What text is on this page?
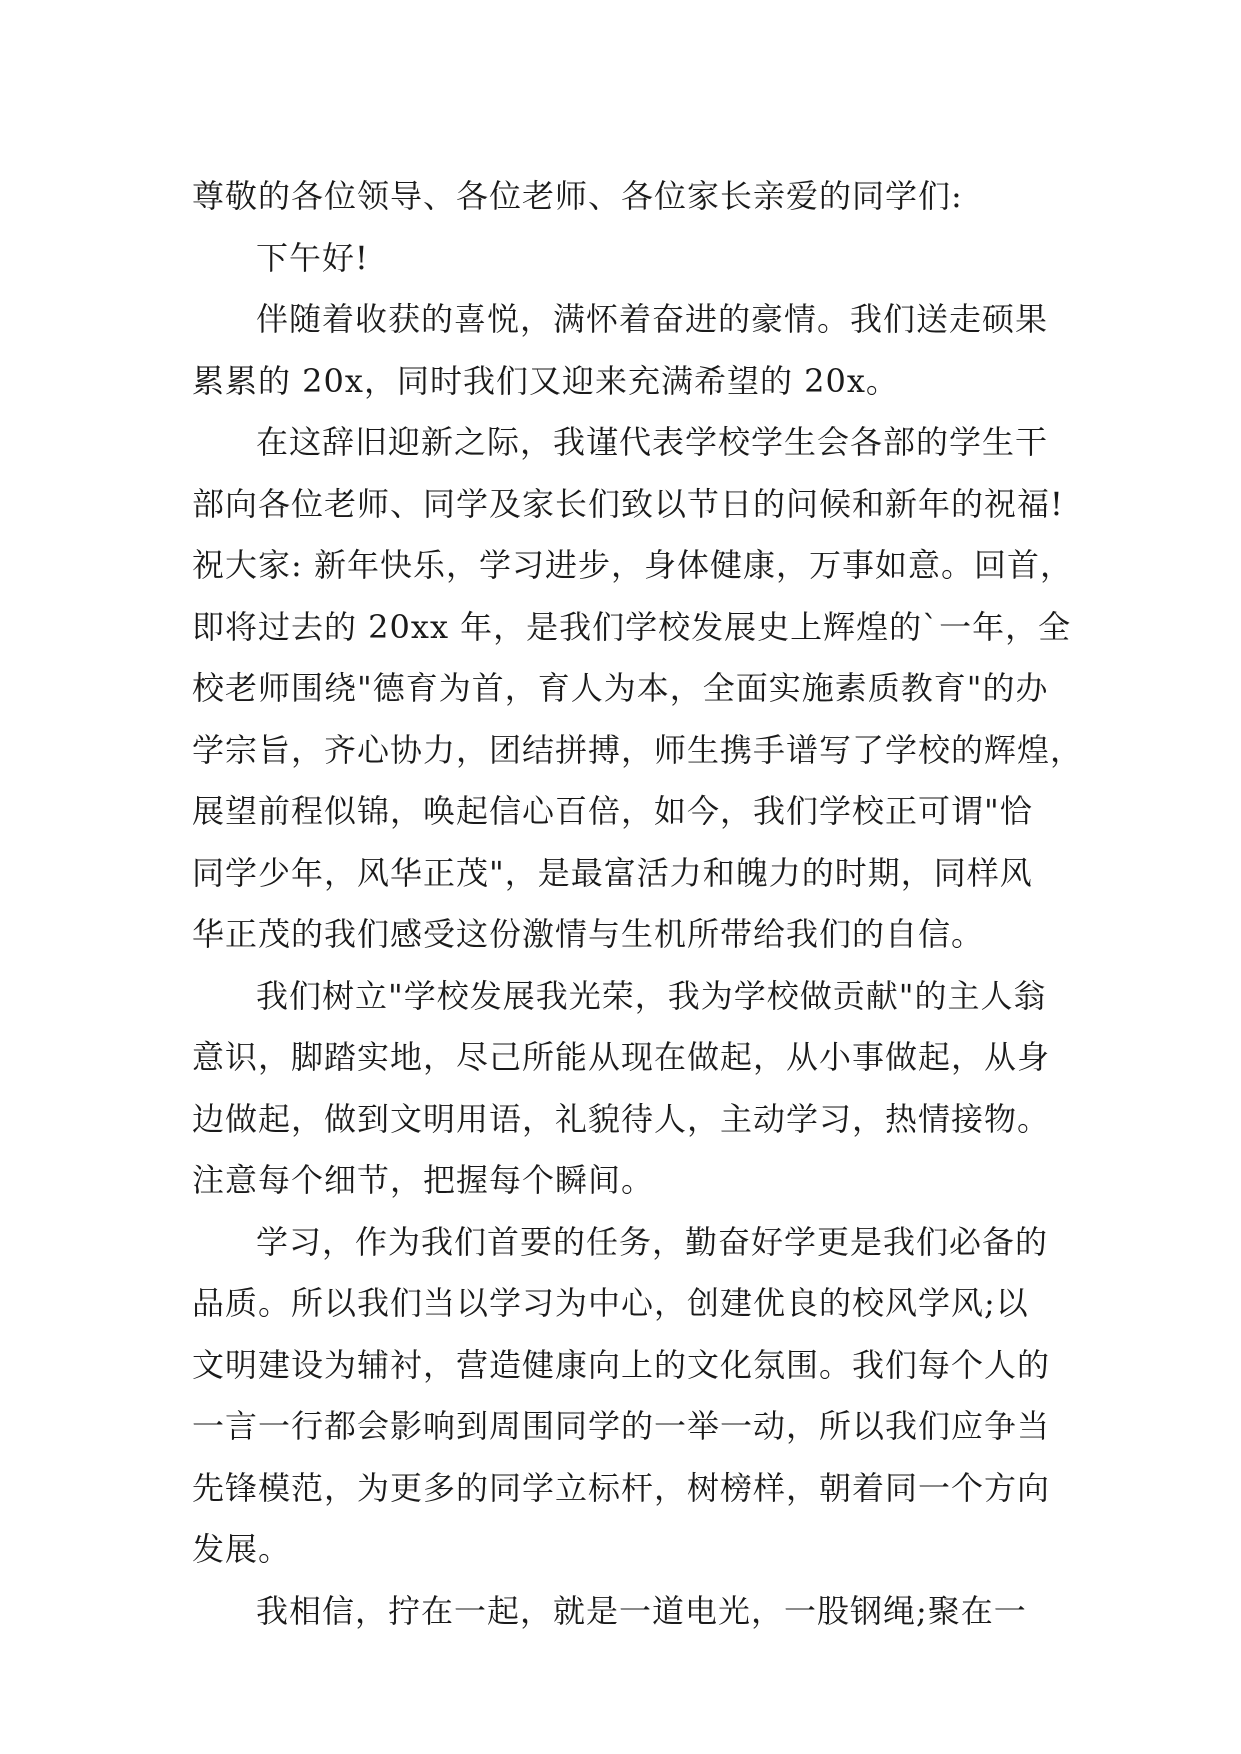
尊敬的各位领导、各位老师、各位家长亲爱的同学们:
下午好!
伴随着收获的喜悦，满怀着奋进的豪情。我们送走硕果
累累的 20x，同时我们又迎来充满希望的 20x。
在这辞旧迎新之际，我谨代表学校学生会各部的学生干
部向各位老师、同学及家长们致以节日的问候和新年的祝福!
祝大家: 新年快乐，学习进步，身体健康，万事如意。回首，
即将过去的 20xx 年，是我们学校发展史上辉煌的`一年，全
校老师围绕"德育为首，育人为本，全面实施素质教育"的办
学宗旨，齐心协力，团结拼搏，师生携手谱写了学校的辉煌，
展望前程似锦，唤起信心百倍，如今，我们学校正可谓"恰
同学少年，风华正茂"，是最富活力和魄力的时期，同样风
华正茂的我们感受这份激情与生机所带给我们的自信。
我们树立"学校发展我光荣，我为学校做贡献"的主人翁
意识，脚踏实地，尽己所能从现在做起，从小事做起，从身
边做起，做到文明用语，礼貌待人，主动学习，热情接物。
注意每个细节，把握每个瞬间。
学习，作为我们首要的任务，勤奋好学更是我们必备的
品质。所以我们当以学习为中心，创建优良的校风学风;以
文明建设为辅衬，营造健康向上的文化氛围。我们每个人的
一言一行都会影响到周围同学的一举一动，所以我们应争当
先锋模范，为更多的同学立标杆，树榜样，朝着同一个方向
发展。
我相信，拧在一起，就是一道电光，一股钢绳;聚在一
